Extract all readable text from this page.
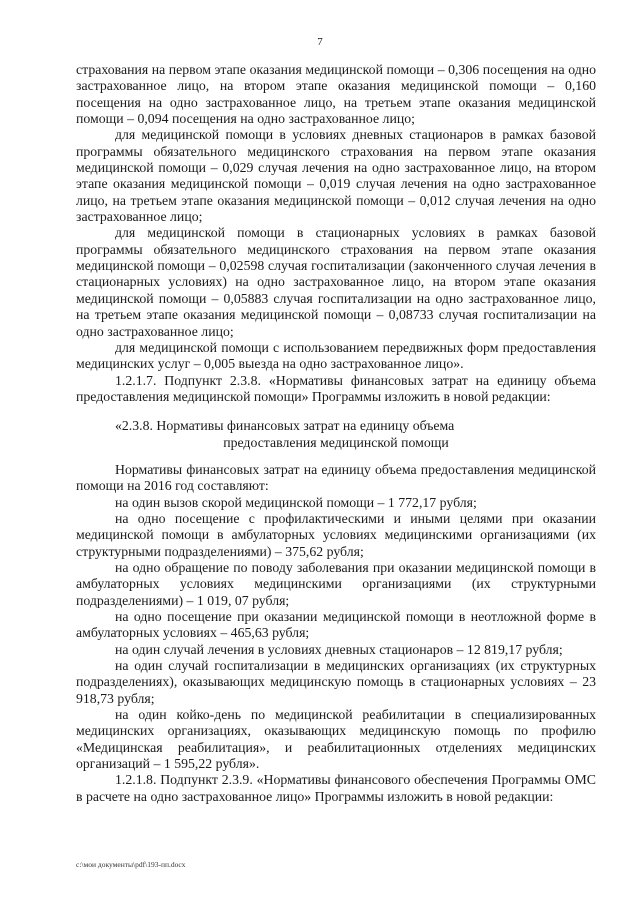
7

страхования на первом этапе оказания медицинской помощи – 0,306 посещения на одно застрахованное лицо, на втором этапе оказания медицинской помощи – 0,160 посещения на одно застрахованное лицо, на третьем этапе оказания медицинской помощи – 0,094 посещения на одно застрахованное лицо;

для медицинской помощи в условиях дневных стационаров в рамках базовой программы обязательного медицинского страхования на первом этапе оказания медицинской помощи – 0,029 случая лечения на одно застрахованное лицо, на втором этапе оказания медицинской помощи – 0,019 случая лечения на одно застрахованное лицо, на третьем этапе оказания медицинской помощи – 0,012 случая лечения на одно застрахованное лицо;

для медицинской помощи в стационарных условиях в рамках базовой программы обязательного медицинского страхования на первом этапе оказания медицинской помощи – 0,02598 случая госпитализации (законченного случая лечения в стационарных условиях) на одно застрахованное лицо, на втором этапе оказания медицинской помощи – 0,05883 случая госпитализации на одно застрахованное лицо, на третьем этапе оказания медицинской помощи – 0,08733 случая госпитализации на одно застрахованное лицо;

для медицинской помощи с использованием передвижных форм предоставления медицинских услуг – 0,005 выезда на одно застрахованное лицо».

1.2.1.7. Подпункт 2.3.8. «Нормативы финансовых затрат на единицу объема предоставления медицинской помощи» Программы изложить в новой редакции:

«2.3.8. Нормативы финансовых затрат на единицу объема

предоставления медицинской помощи

Нормативы финансовых затрат на единицу объема предоставления медицинской помощи на 2016 год составляют:

на один вызов скорой медицинской помощи – 1 772,17 рубля;

на одно посещение с профилактическими и иными целями при оказании медицинской помощи в амбулаторных условиях медицинскими организациями (их структурными подразделениями) – 375,62 рубля;

на одно обращение по поводу заболевания при оказании медицинской помощи в амбулаторных условиях медицинскими организациями (их структурными подразделениями) – 1 019, 07 рубля;

на одно посещение при оказании медицинской помощи в неотложной форме в амбулаторных условиях – 465,63 рубля;

на один случай лечения в условиях дневных стационаров – 12 819,17 рубля;

на один случай госпитализации в медицинских организациях (их структурных подразделениях), оказывающих медицинскую помощь в стационарных условиях – 23 918,73 рубля;

на один койко-день по медицинской реабилитации в специализированных медицинских организациях, оказывающих медицинскую помощь по профилю «Медицинская реабилитация», и реабилитационных отделениях медицинских организаций – 1 595,22 рубля».

1.2.1.8. Подпункт 2.3.9. «Нормативы финансового обеспечения Программы ОМС в расчете на одно застрахованное лицо» Программы изложить в новой редакции:

c:\мои документы\pdf\193-пп.docx
